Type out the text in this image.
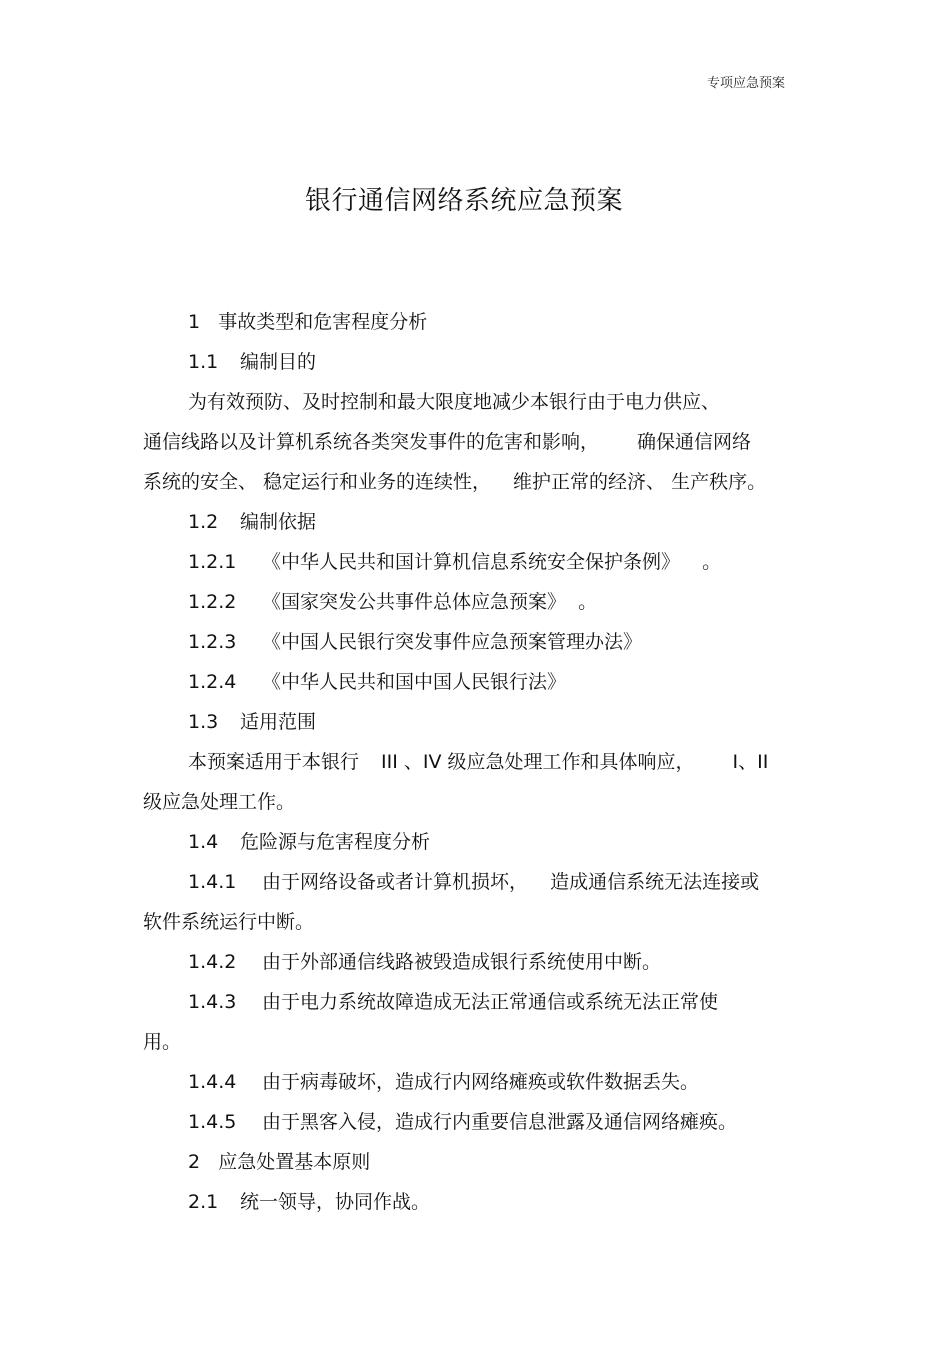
专项应急预案
银行通信网络系统应急预案
1 事故类型和危害程度分析
1.1 编制目的
为有效预防、及时控制和最大限度地减少本银行由于电力供应、
通信线路以及计算机系统各类突发事件的危害和影响， 确保通信网络
系统的安全、 稳定运行和业务的连续性， 维护正常的经济、 生产秩序。
1.2 编制依据
1.2.1 《中华人民共和国计算机信息系统安全保护条例》 。
1.2.2 《国家突发公共事件总体应急预案》 。
1.2.3 《中国人民银行突发事件应急预案管理办法》
1.2.4 《中华人民共和国中国人民银行法》
1.3 适用范围
本预案适用于本银行 III 、IV 级应急处理工作和具体响应， I、II
级应急处理工作。
1.4 危险源与危害程度分析
1.4.1 由于网络设备或者计算机损坏， 造成通信系统无法连接或
软件系统运行中断。
1.4.2 由于外部通信线路被毁造成银行系统使用中断。
1.4.3 由于电力系统故障造成无法正常通信或系统无法正常使
用。
1.4.4 由于病毒破坏，造成行内网络瘫痪或软件数据丢失。
1.4.5 由于黑客入侵，造成行内重要信息泄露及通信网络瘫痪。
2 应急处置基本原则
2.1 统一领导，协同作战。
